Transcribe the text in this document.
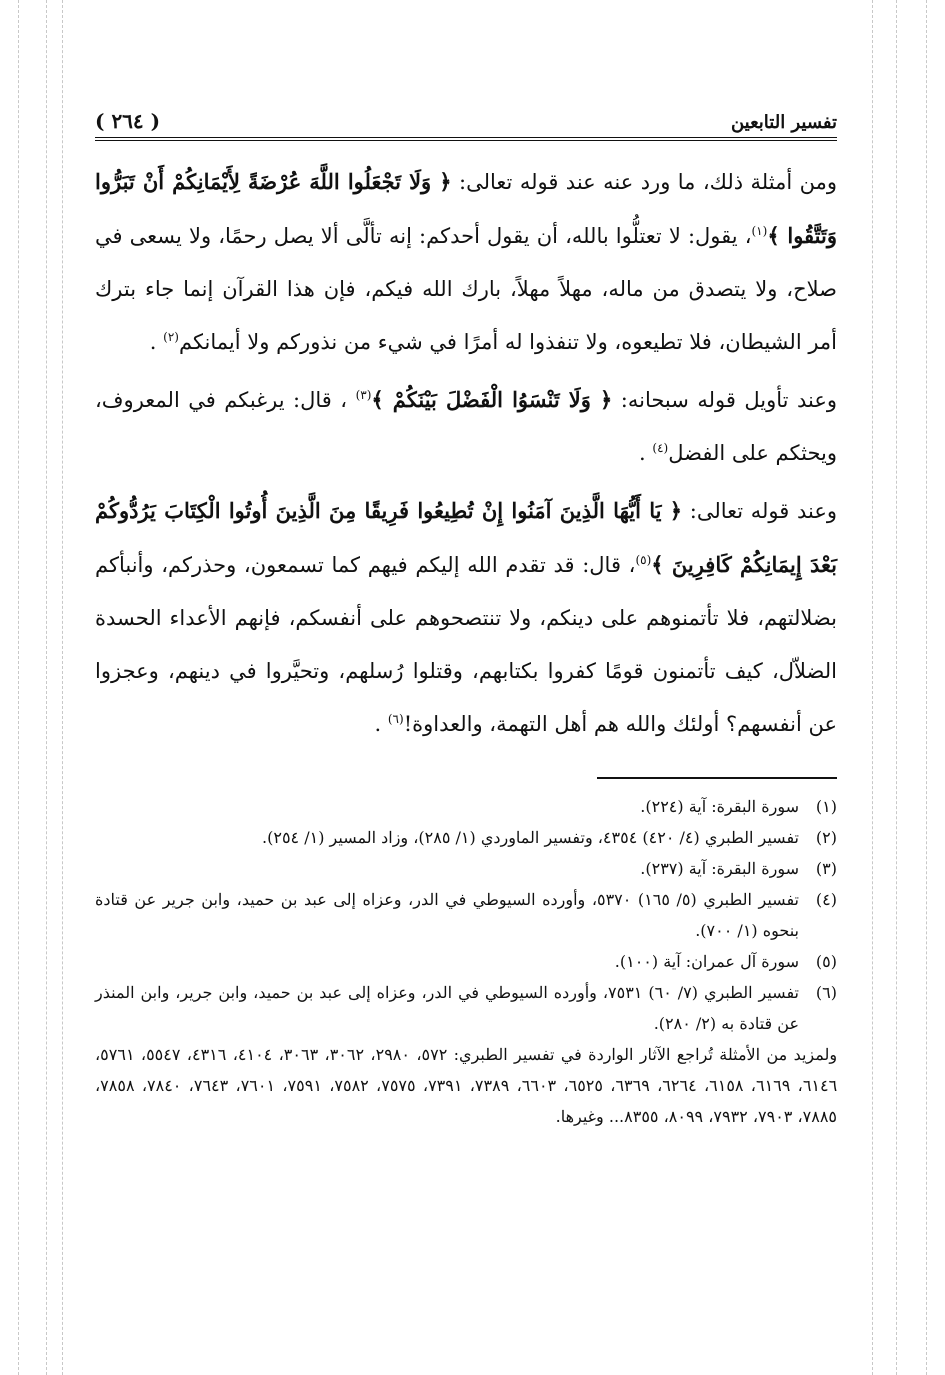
تفسير التابعين
( ٢٦٤ )

ومن أمثلة ذلك، ما ورد عنه عند قوله تعالى: ﴿ وَلَا تَجْعَلُوا اللَّهَ عُرْضَةً لِأَيْمَانِكُمْ أَنْ تَبَرُّوا وَتَتَّقُوا ﴾$^{(١)}$، يقول: لا تعتلُّوا بالله، أن يقول أحدكم: إنه تألَّى ألا يصل رحمًا، ولا يسعى في صلاح، ولا يتصدق من ماله، مهلاً مهلاً، بارك الله فيكم، فإن هذا القرآن إنما جاء بترك أمر الشيطان، فلا تطيعوه، ولا تنفذوا له أمرًا في شيء من نذوركم ولا أيمانكم$^{(٢)}$ .

وعند تأويل قوله سبحانه: ﴿ وَلَا تَنْسَوُا الْفَضْلَ بَيْنَكُمْ ﴾$^{(٣)}$ ، قال: يرغبكم في المعروف، ويحثكم على الفضل$^{(٤)}$ .

وعند قوله تعالى: ﴿ يَا أَيُّهَا الَّذِينَ آمَنُوا إِنْ تُطِيعُوا فَرِيقًا مِنَ الَّذِينَ أُوتُوا الْكِتَابَ يَرُدُّوكُمْ بَعْدَ إِيمَانِكُمْ كَافِرِينَ ﴾$^{(٥)}$، قال: قد تقدم الله إليكم فيهم كما تسمعون، وحذركم، وأنبأكم بضلالتهم، فلا تأتمنوهم على دينكم، ولا تنتصحوهم على أنفسكم، فإنهم الأعداء الحسدة الضلاّل، كيف تأتمنون قومًا كفروا بكتابهم، وقتلوا رُسلهم، وتحيَّروا في دينهم، وعجزوا عن أنفسهم؟ أولئك والله هم أهل التهمة، والعداوة!$^{(٦)}$ .

(١)
سورة البقرة: آية (٢٢٤).

(٢)
تفسير الطبري (٤/ ٤٢٠) ٤٣٥٤، وتفسير الماوردي (١/ ٢٨٥)، وزاد المسير (١/ ٢٥٤).

(٣)
سورة البقرة: آية (٢٣٧).

(٤)
تفسير الطبري (٥/ ١٦٥) ٥٣٧٠، وأورده السيوطي في الدر، وعزاه إلى عبد بن حميد، وابن جرير عن قتادة بنحوه (١/ ٧٠٠).

(٥)
سورة آل عمران: آية (١٠٠).

(٦)
تفسير الطبري (٧/ ٦٠) ٧٥٣١، وأورده السيوطي في الدر، وعزاه إلى عبد بن حميد، وابن جرير، وابن المنذر عن قتادة به (٢/ ٢٨٠).

ولمزيد من الأمثلة تُراجع الآثار الواردة في تفسير الطبري: ٥٧٢، ٢٩٨٠، ٣٠٦٢، ٣٠٦٣، ٤١٠٤، ٤٣١٦، ٥٥٤٧، ٥٧٦١، ٦١٤٦، ٦١٦٩، ٦١٥٨، ٦٢٦٤، ٦٣٦٩، ٦٥٢٥، ٦٦٠٣، ٧٣٨٩، ٧٣٩١، ٧٥٧٥، ٧٥٨٢، ٧٥٩١، ٧٦٠١، ٧٦٤٣، ٧٨٤٠، ٧٨٥٨، ٧٨٨٥، ٧٩٠٣، ٧٩٣٢، ٨٠٩٩، ٨٣٥٥... وغيرها.
